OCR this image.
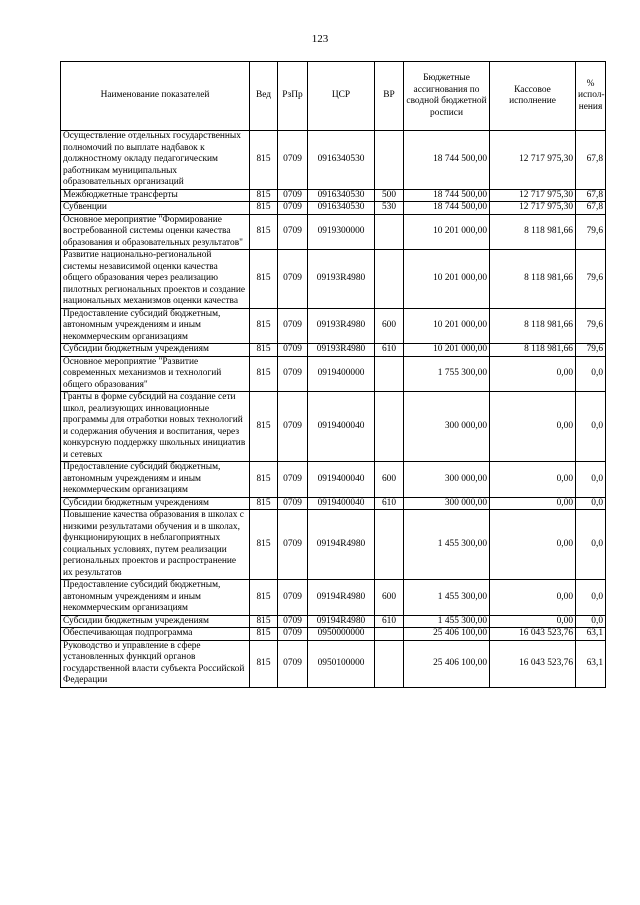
123
Наименование показателей	Вед	РзПр	ЦСР	ВР	Бюджетные ассигнования по сводной бюджетной росписи	Кассовое исполнение	% испол-нения
Осуществление отдельных государственных полномочий по выплате надбавок к должностному окладу педагогическим работникам муниципальных образовательных организаций	815	0709	0916340530		18 744 500,00	12 717 975,30	67,8
Межбюджетные трансферты	815	0709	0916340530	500	18 744 500,00	12 717 975,30	67,8
Субвенции	815	0709	0916340530	530	18 744 500,00	12 717 975,30	67,8
Основное мероприятие "Формирование востребованной системы оценки качества образования и образовательных результатов"	815	0709	0919300000		10 201 000,00	8 118 981,66	79,6
Развитие национально-региональной системы независимой оценки качества общего образования через реализацию пилотных региональных проектов и создание национальных механизмов оценки качества	815	0709	09193R4980		10 201 000,00	8 118 981,66	79,6
Предоставление субсидий бюджетным, автономным учреждениям и иным некоммерческим организациям	815	0709	09193R4980	600	10 201 000,00	8 118 981,66	79,6
Субсидии бюджетным учреждениям	815	0709	09193R4980	610	10 201 000,00	8 118 981,66	79,6
Основное мероприятие "Развитие современных механизмов и технологий общего образования"	815	0709	0919400000		1 755 300,00	0,00	0,0
Гранты в форме субсидий на создание сети школ, реализующих инновационные программы для отработки новых технологий и содержания обучения и воспитания, через конкурсную поддержку школьных инициатив и сетевых	815	0709	0919400040		300 000,00	0,00	0,0
Предоставление субсидий бюджетным, автономным учреждениям и иным некоммерческим организациям	815	0709	0919400040	600	300 000,00	0,00	0,0
Субсидии бюджетным учреждениям	815	0709	0919400040	610	300 000,00	0,00	0,0
Повышение качества образования в школах с низкими результатами обучения и в школах, функционирующих в неблагоприятных социальных условиях, путем реализации региональных проектов и распространение их результатов	815	0709	09194R4980		1 455 300,00	0,00	0,0
Предоставление субсидий бюджетным, автономным учреждениям и иным некоммерческим организациям	815	0709	09194R4980	600	1 455 300,00	0,00	0,0
Субсидии бюджетным учреждениям	815	0709	09194R4980	610	1 455 300,00	0,00	0,0
Обеспечивающая подпрограмма	815	0709	0950000000		25 406 100,00	16 043 523,76	63,1
Руководство и управление в сфере установленных функций органов государственной власти субъекта Российской Федерации	815	0709	0950100000		25 406 100,00	16 043 523,76	63,1
